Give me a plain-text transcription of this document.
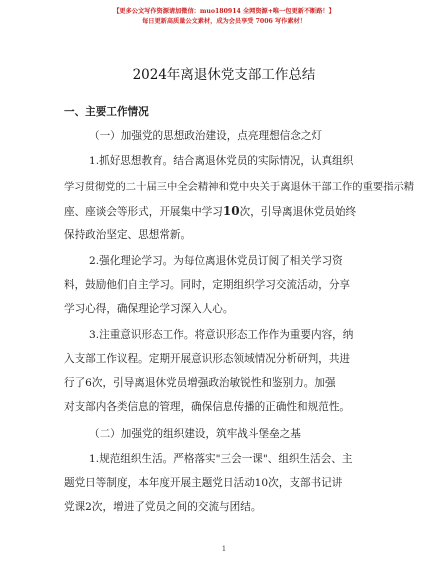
【更多公文写作资源请加微信：muo180914 全网资源+唯一包更新不断路！】
每日更新高质量公文素材，成为会员享受 7006 写作素材！
2024年离退休党支部工作总结
一、主要工作情况
（一）加强党的思想政治建设，点亮理想信念之灯
1.抓好思想教育。结合离退休党员的实际情况，认真组织
学习贯彻党的二十届三中全会精神和党中央关于离退休干部工作的重要指示精
座、座谈会等形式，开展集中学习10次，引导离退休党员始终
保持政治坚定、思想常新。
2.强化理论学习。为每位离退休党员订阅了相关学习资
料，鼓励他们自主学习。同时，定期组织学习交流活动，分享
学习心得，确保理论学习深入人心。
3.注重意识形态工作。将意识形态工作作为重要内容，纳
入支部工作议程。定期开展意识形态领域情况分析研判，共进
行了6次，引导离退休党员增强政治敏锐性和鉴别力。加强
对支部内各类信息的管理，确保信息传播的正确性和规范性。
（二）加强党的组织建设，筑牢战斗堡垒之基
1.规范组织生活。严格落实"三会一课"、组织生活会、主
题党日等制度，本年度开展主题党日活动10次，支部书记讲
党课2次，增进了党员之间的交流与团结。
1
